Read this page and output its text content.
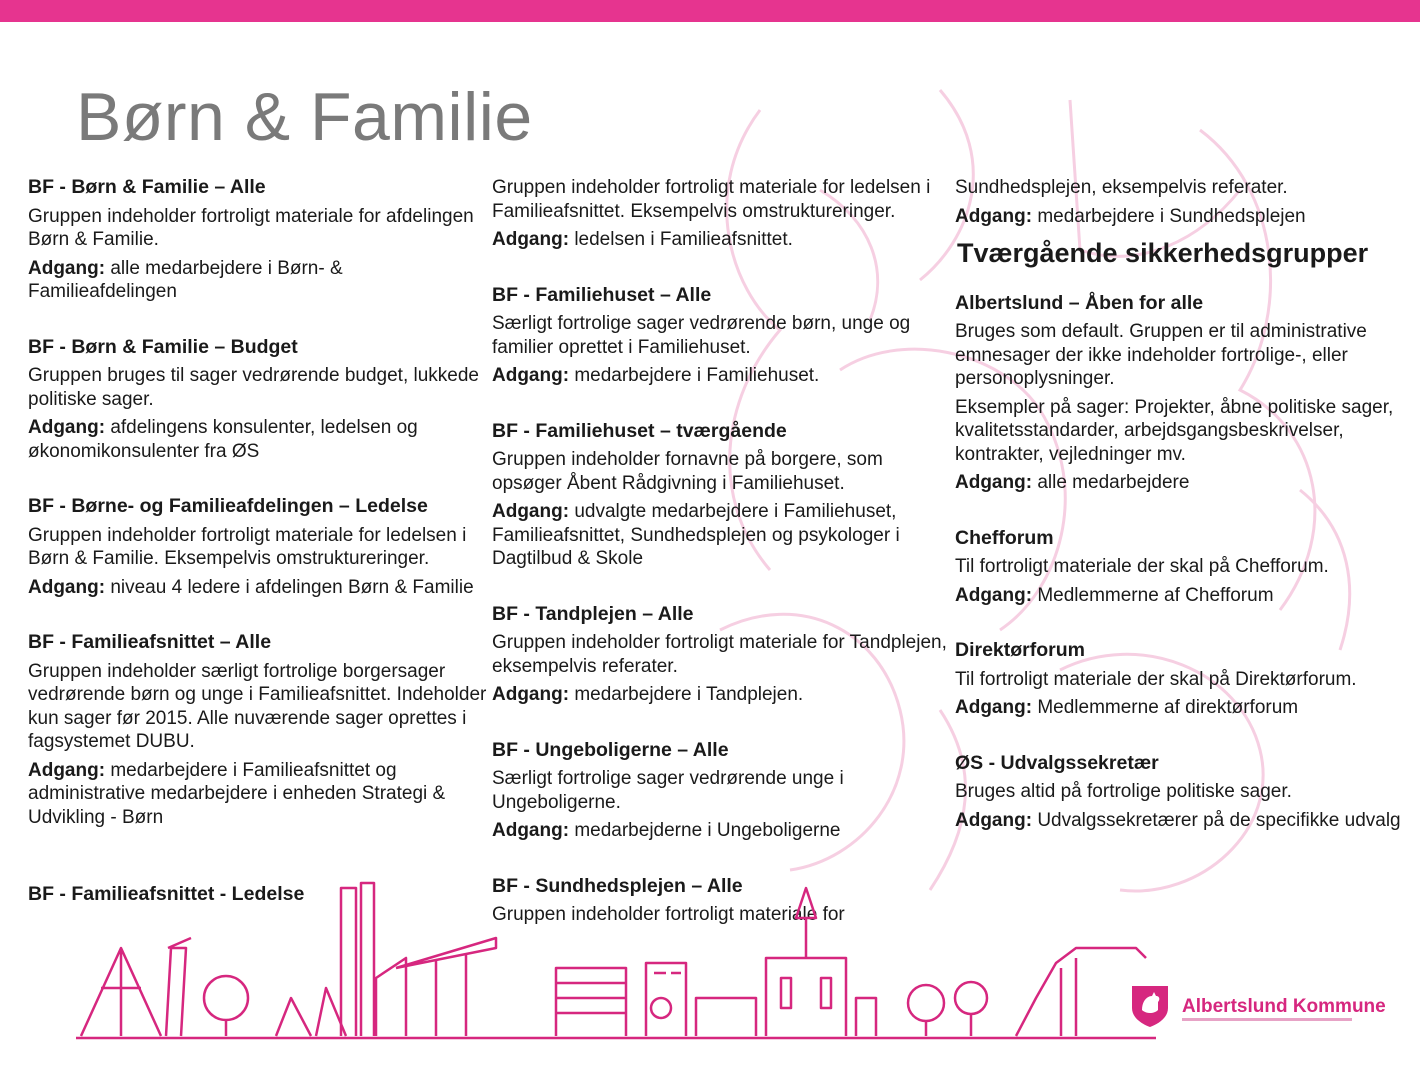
Børn & Familie
BF - Børn & Familie – Alle
Gruppen indeholder fortroligt materiale for afdelingen Børn & Familie.
Adgang: alle medarbejdere i Børn- & Familieafdelingen
BF - Børn & Familie – Budget
Gruppen bruges til sager vedrørende budget, lukkede politiske sager.
Adgang: afdelingens konsulenter, ledelsen og økonomikonsulenter fra ØS
BF - Børne- og Familieafdelingen – Ledelse
Gruppen indeholder fortroligt materiale for ledelsen i Børn & Familie. Eksempelvis omstruktureringer.
Adgang: niveau 4 ledere i afdelingen Børn & Familie
BF - Familieafsnittet – Alle
Gruppen indeholder særligt fortrolige borgersager vedrørende børn og unge i Familieafsnittet. Indeholder kun sager før 2015. Alle nuværende sager oprettes i fagsystemet DUBU.
Adgang: medarbejdere i Familieafsnittet og administrative medarbejdere i enheden Strategi & Udvikling - Børn
BF - Familieafsnittet - Ledelse
Gruppen indeholder fortroligt materiale for ledelsen i Familieafsnittet. Eksempelvis omstruktureringer.
Adgang: ledelsen i Familieafsnittet.
BF - Familiehuset – Alle
Særligt fortrolige sager vedrørende børn, unge og familier oprettet i Familiehuset.
Adgang: medarbejdere i Familiehuset.
BF - Familiehuset – tværgående
Gruppen indeholder fornavne på borgere, som opsøger Åbent Rådgivning i Familiehuset.
Adgang: udvalgte medarbejdere i Familiehuset, Familieafsnittet, Sundhedsplejen og psykologer i Dagtilbud & Skole
BF - Tandplejen – Alle
Gruppen indeholder fortroligt materiale for Tandplejen, eksempelvis referater.
Adgang: medarbejdere i Tandplejen.
BF - Ungeboligerne – Alle
Særligt fortrolige sager vedrørende unge i Ungeboligerne.
Adgang: medarbejderne i Ungeboligerne
BF - Sundhedsplejen – Alle
Gruppen indeholder fortroligt materiale for
Sundhedsplejen, eksempelvis referater.
Adgang: medarbejdere i Sundhedsplejen
Tværgående sikkerhedsgrupper
Albertslund – Åben for alle
Bruges som default. Gruppen er til administrative emnesager der ikke indeholder fortrolige-, eller personoplysninger.
Eksempler på sager: Projekter, åbne politiske sager, kvalitetsstandarder, arbejdsgangsbeskrivelser, kontrakter, vejledninger mv.
Adgang: alle medarbejdere
Chefforum
Til fortroligt materiale der skal på Chefforum.
Adgang: Medlemmerne af Chefforum
Direktørforum
Til fortroligt materiale der skal på Direktørforum.
Adgang: Medlemmerne af direktørforum
ØS - Udvalgssekretær
Bruges altid på fortrolige politiske sager.
Adgang: Udvalgssekretærer på de specifikke udvalg
Albertslund Kommune
